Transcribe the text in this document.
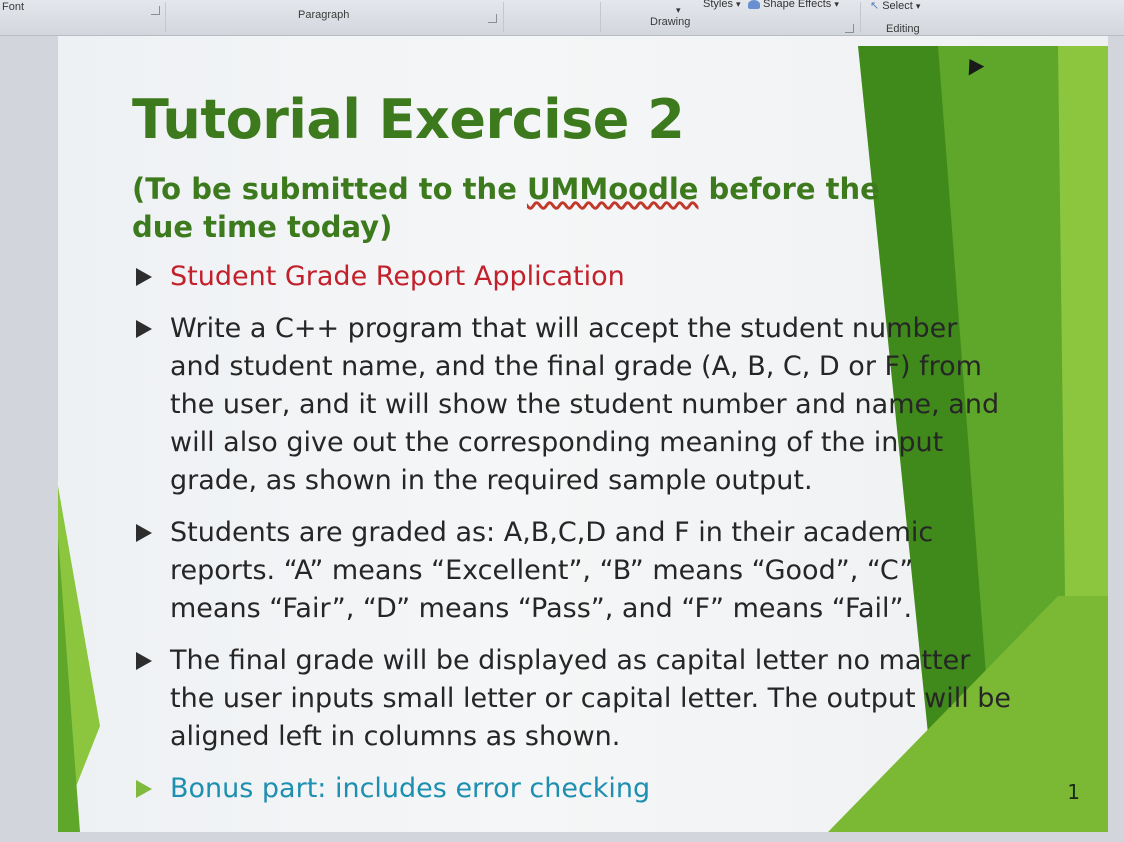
Font
Paragraph	▾ Styles ▾	Shape Effects ▾
Drawing
↖ Select ▾
Editing
Tutorial Exercise 2
(To be submitted to the UMMoodle before the due time today)
Student Grade Report Application
Write a C++ program that will accept the student number and student name, and the final grade (A, B, C, D or F) from the user, and it will show the student number and name, and will also give out the corresponding meaning of the input grade, as shown in the required sample output.
Students are graded as: A,B,C,D and F in their academic reports. “A” means “Excellent”, “B” means “Good”, “C” means “Fair”, “D” means “Pass”, and “F” means “Fail”.
The final grade will be displayed as capital letter no matter the user inputs small letter or capital letter. The output will be aligned left in columns as shown.
Bonus part: includes error checking	1
